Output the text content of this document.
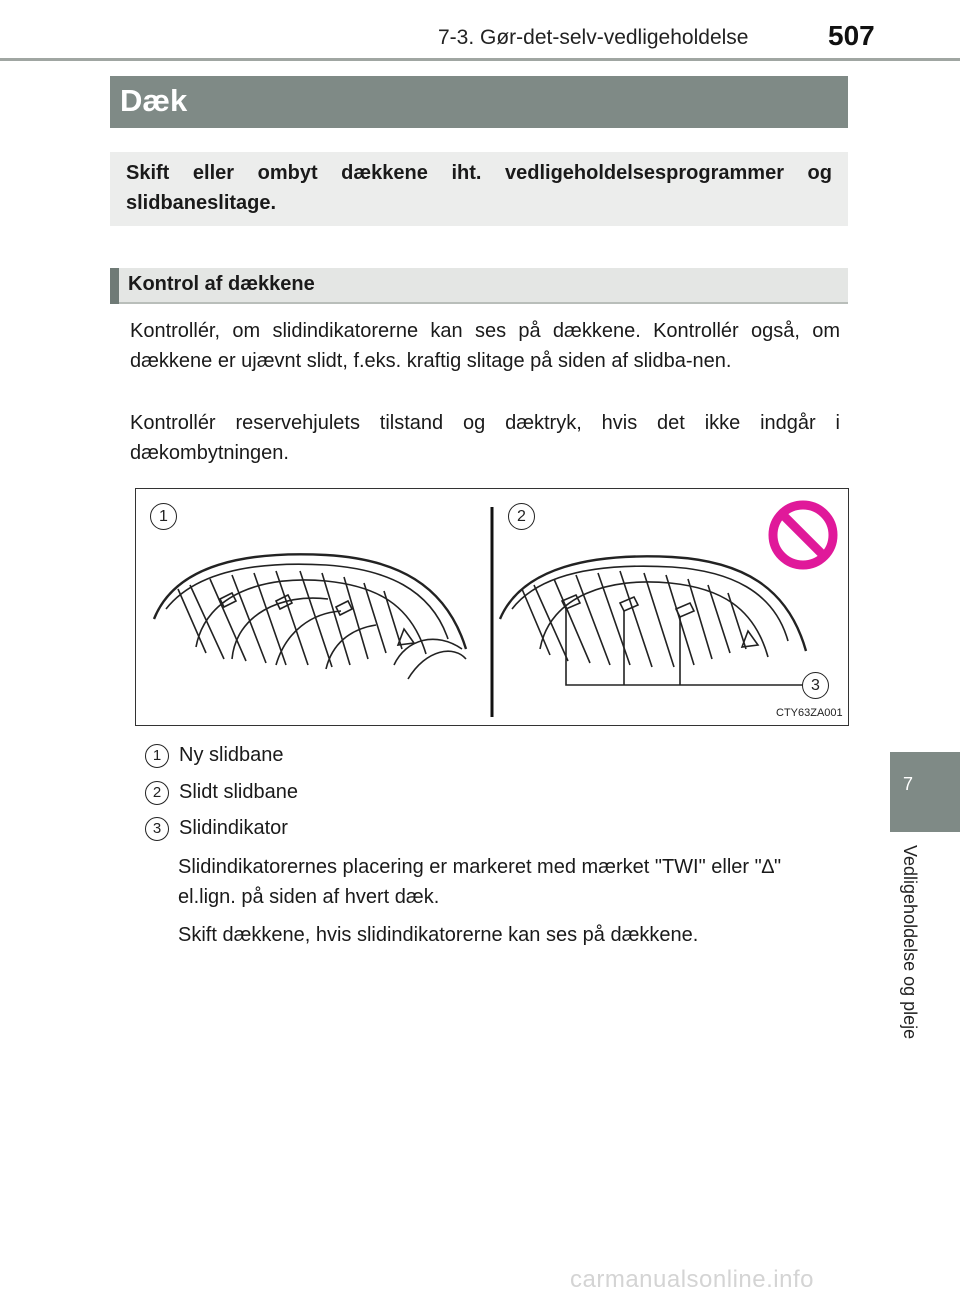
7-3. Gør-det-selv-vedligeholdelse	507
Dæk

Skift eller ombyt dækkene iht. vedligeholdelsesprogrammer og slidbaneslitage.

Kontrol af dækkene

Kontrollér, om slidindikatorerne kan ses på dækkene. Kontrollér også, om dækkene er ujævnt slidt, f.eks. kraftig slitage på siden af slidba-nen.

Kontrollér reservehjulets tilstand og dæktryk, hvis det ikke indgår i dækombytningen.

1	2
3
CTY63ZA001
1 Ny slidbane
2 Slidt slidbane
3 Slidindikator

Slidindikatorernes placering er markeret med mærket "TWI" eller "∆" el.lign. på siden af hvert dæk.

Skift dækkene, hvis slidindikatorerne kan ses på dækkene.

7
Vedligeholdelse og pleje
carmanualsonline.info
